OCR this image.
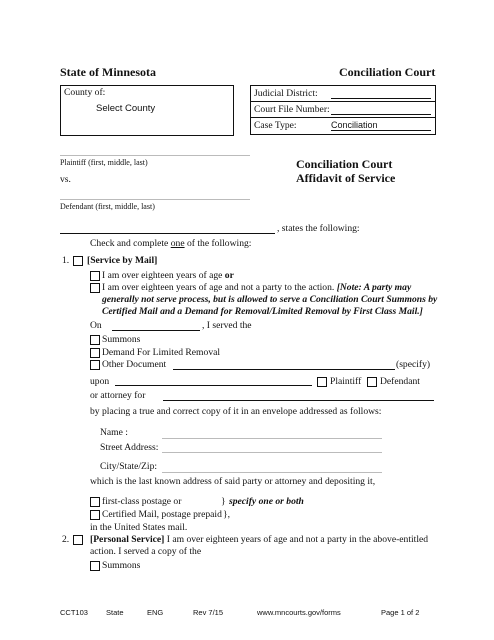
State of Minnesota	Conciliation Court
County of:
Select County
Judicial District:
Court File Number:
Case Type:	Conciliation
Plaintiff (first, middle, last)
vs.
Defendant (first, middle, last)
Conciliation Court
Affidavit of Service
, states the following:
Check and complete one of the following:
1. [Service by Mail]
I am over eighteen years of age or
I am over eighteen years of age and not a party to the action. [Note: A party may
generally not serve process, but is allowed to serve a Conciliation Court Summons by
Certified Mail and a Demand for Removal/Limited Removal by First Class Mail.]
On	, I served the
Summons
Demand For Limited Removal
Other Document	(specify)
upon	Plaintiff Defendant
or attorney for
by placing a true and correct copy of it in an envelope addressed as follows:
Name :
Street Address:
City/State/Zip:
which is the last known address of said party or attorney and depositing it,
first-class postage or	} specify one or both
Certified Mail, postage prepaid },
in the United States mail.
2. [Personal Service] I am over eighteen years of age and not a party in the above-entitled
action. I served a copy of the
Summons
CCT103 State	ENG	Rev 7/15	www.mncourts.gov/forms	Page 1 of 2
